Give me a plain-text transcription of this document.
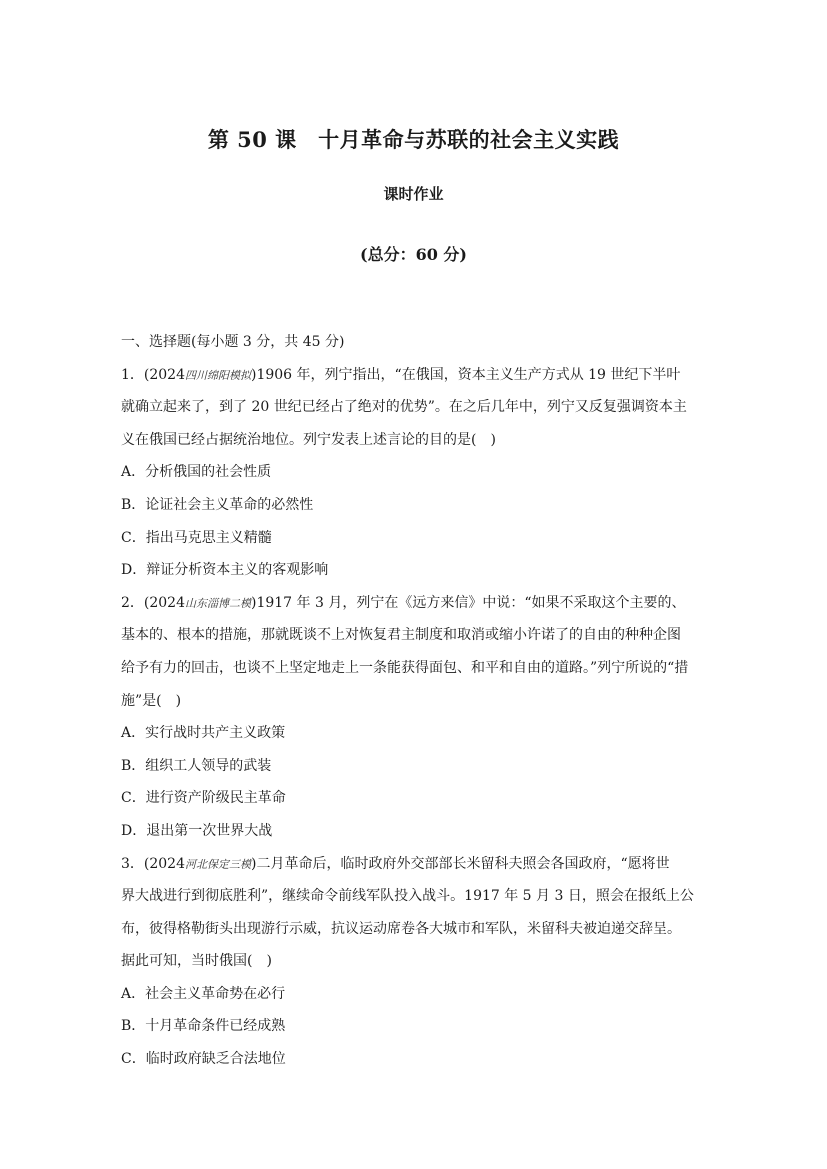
第 50 课　十月革命与苏联的社会主义实践
课时作业
(总分：60 分)
一、选择题(每小题 3 分，共 45 分)
1．(2024四川绵阳模拟)1906 年，列宁指出，“在俄国，资本主义生产方式从 19 世纪下半叶
就确立起来了，到了 20 世纪已经占了绝对的优势”。在之后几年中，列宁又反复强调资本主
义在俄国已经占据统治地位。列宁发表上述言论的目的是(　)
A．分析俄国的社会性质
B．论证社会主义革命的必然性
C．指出马克思主义精髓
D．辩证分析资本主义的客观影响
2．(2024山东淄博二模)1917 年 3 月，列宁在《远方来信》中说：“如果不采取这个主要的、
基本的、根本的措施，那就既谈不上对恢复君主制度和取消或缩小许诺了的自由的种种企图
给予有力的回击，也谈不上坚定地走上一条能获得面包、和平和自由的道路。”列宁所说的“措
施”是(　)
A．实行战时共产主义政策
B．组织工人领导的武装
C．进行资产阶级民主革命
D．退出第一次世界大战
3．(2024河北保定三模)二月革命后，临时政府外交部部长米留科夫照会各国政府，“愿将世
界大战进行到彻底胜利”，继续命令前线军队投入战斗。1917 年 5 月 3 日，照会在报纸上公
布，彼得格勒街头出现游行示威，抗议运动席卷各大城市和军队，米留科夫被迫递交辞呈。
据此可知，当时俄国(　)
A．社会主义革命势在必行
B．十月革命条件已经成熟
C．临时政府缺乏合法地位
